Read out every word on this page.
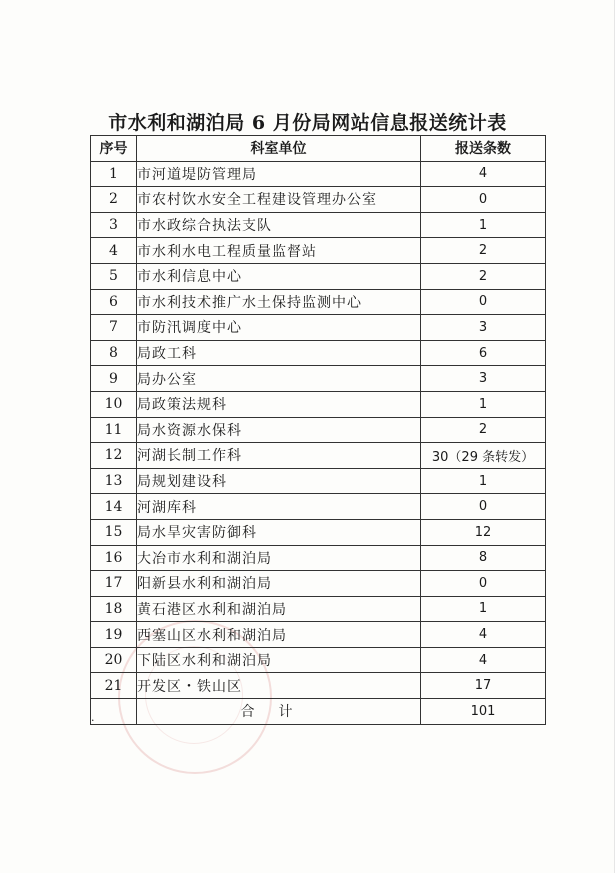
市水利和湖泊局 6 月份局网站信息报送统计表
序号	科室单位	报送条数
1	市河道堤防管理局	4
2	市农村饮水安全工程建设管理办公室	0
3	市水政综合执法支队	1
4	市水利水电工程质量监督站	2
5	市水利信息中心	2
6	市水利技术推广水土保持监测中心	0
7	市防汛调度中心	3
8	局政工科	6
9	局办公室	3
10	局政策法规科	1
11	局水资源水保科	2
12	河湖长制工作科	30（29 条转发）
13	局规划建设科	1
14	河湖库科	0
15	局水旱灾害防御科	12
16	大冶市水利和湖泊局	8
17	阳新县水利和湖泊局	0
18	黄石港区水利和湖泊局	1
19	西塞山区水利和湖泊局	4
20	下陆区水利和湖泊局	4
21	开发区・铁山区	17
.	合计	101
